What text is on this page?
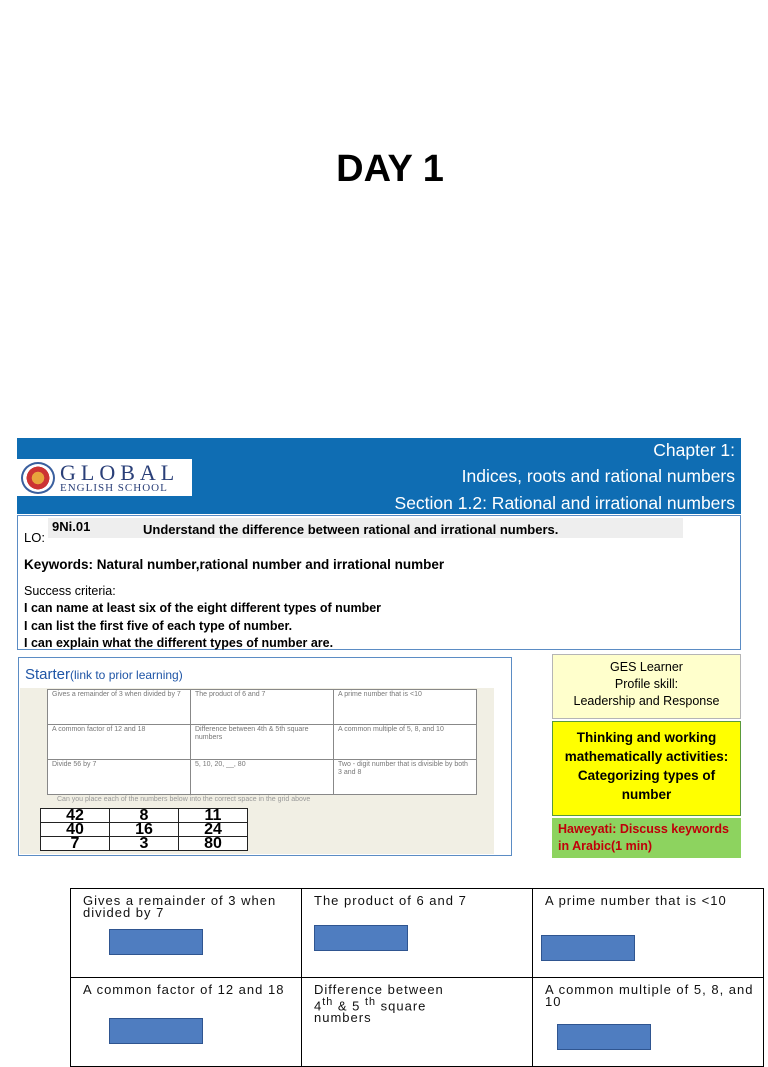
DAY 1
GLOBAL
ENGLISH SCHOOL
Chapter 1:
Indices, roots and rational numbers
Section 1.2: Rational and irrational numbers
LO:
9Ni.01	Understand the difference between rational and irrational numbers.
Keywords: Natural number,rational number and irrational number
Success criteria:
I can name at least six of the eight different types of number
I can list the first five of each type of number.
I can explain what the different types of number are.
Starter(link to prior learning)
Gives a remainder of 3 when divided by 7	The product of 6 and 7	A prime number that is <10
A common factor of 12 and 18	Difference between 4th & 5th square numbers	A common multiple of 5, 8, and 10
Divide 56 by 7	5, 10, 20, __, 80	Two - digit number that is divisible by both 3 and 8
Can you place each of the numbers below into the correct space in the grid above
42	8	11
40	16	24
7	3	80
GES Learner
Profile skill:
Leadership and Response
Thinking and working
mathematically activities:
Categorizing types of
number
Haweyati: Discuss keywords
in Arabic(1 min)
Gives a remainder of 3 when divided by 7	The product of 6 and 7	A prime number that is <10

A common factor of 12 and 18	Difference between
4th & 5 $^{th}$ square
numbers	A common multiple of 5, 8, and 10
